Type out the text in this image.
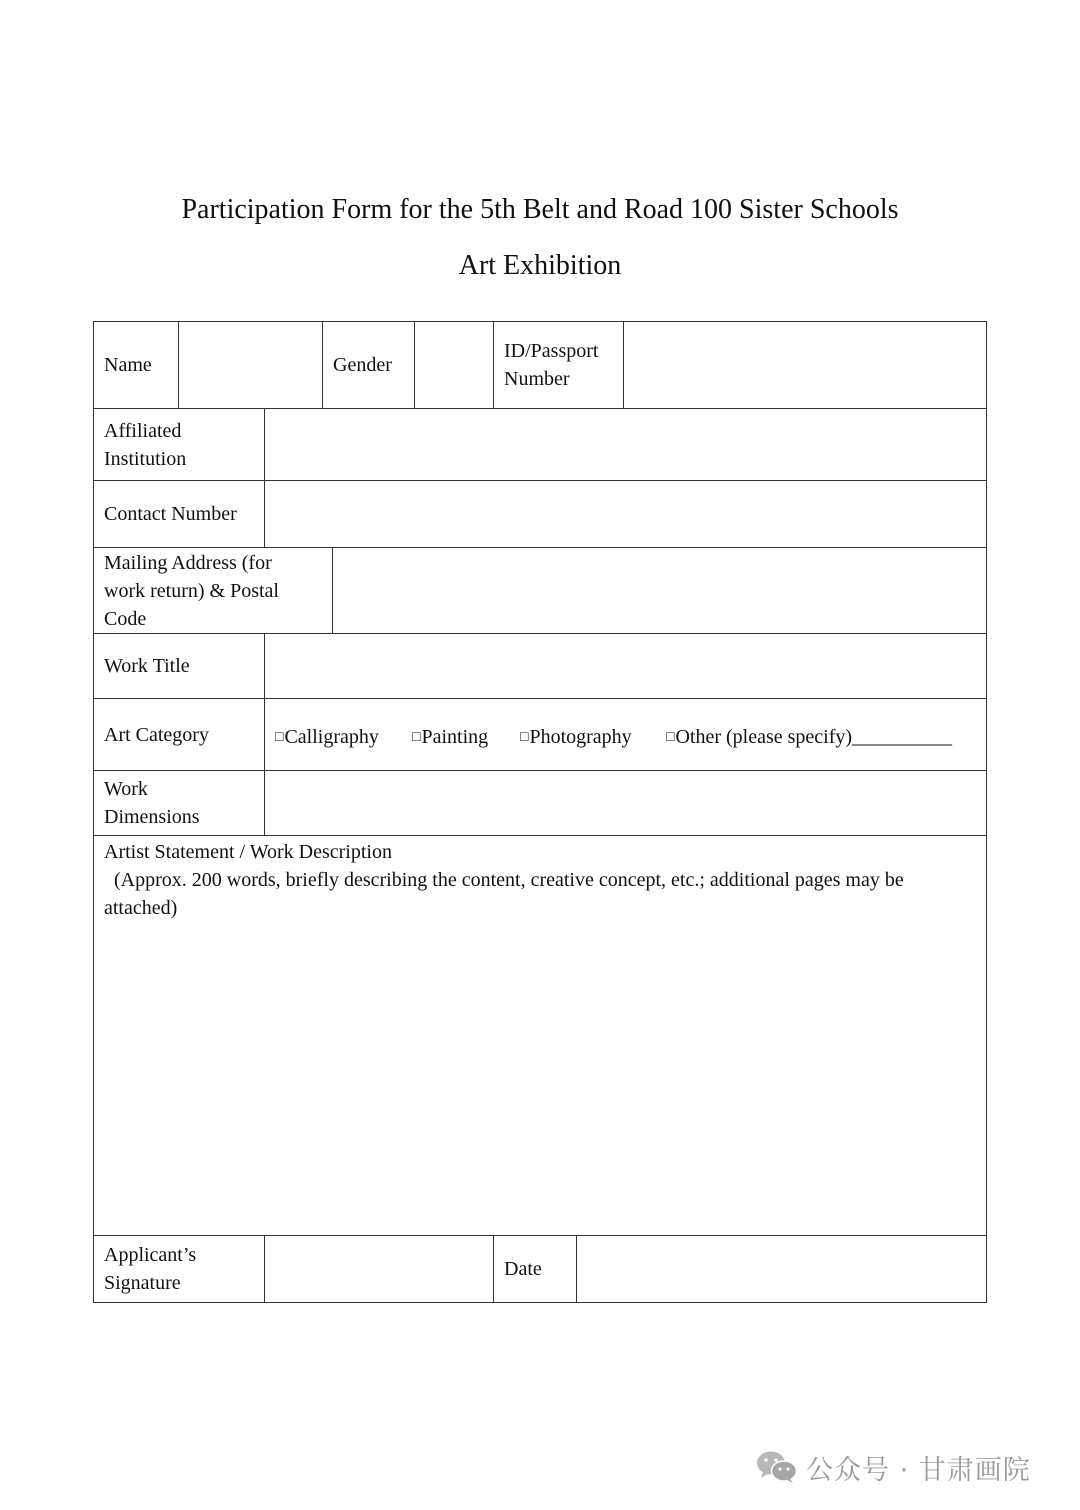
Participation Form for the 5th Belt and Road 100 Sister Schools
Art Exhibition
Name	Gender
ID/Passport
Number
Affiliated
Institution
Contact Number
Mailing Address (for
work return) & Postal
Code
Work Title
Art Category	□ Calligraphy □ Painting □ Photography □ Other (please specify)__________
Work
Dimensions
Artist Statement / Work Description
(Approx. 200 words, briefly describing the content, creative concept, etc.; additional pages may be attached)
Applicant’s
Signature
Date
公众号 · 甘肃画院
